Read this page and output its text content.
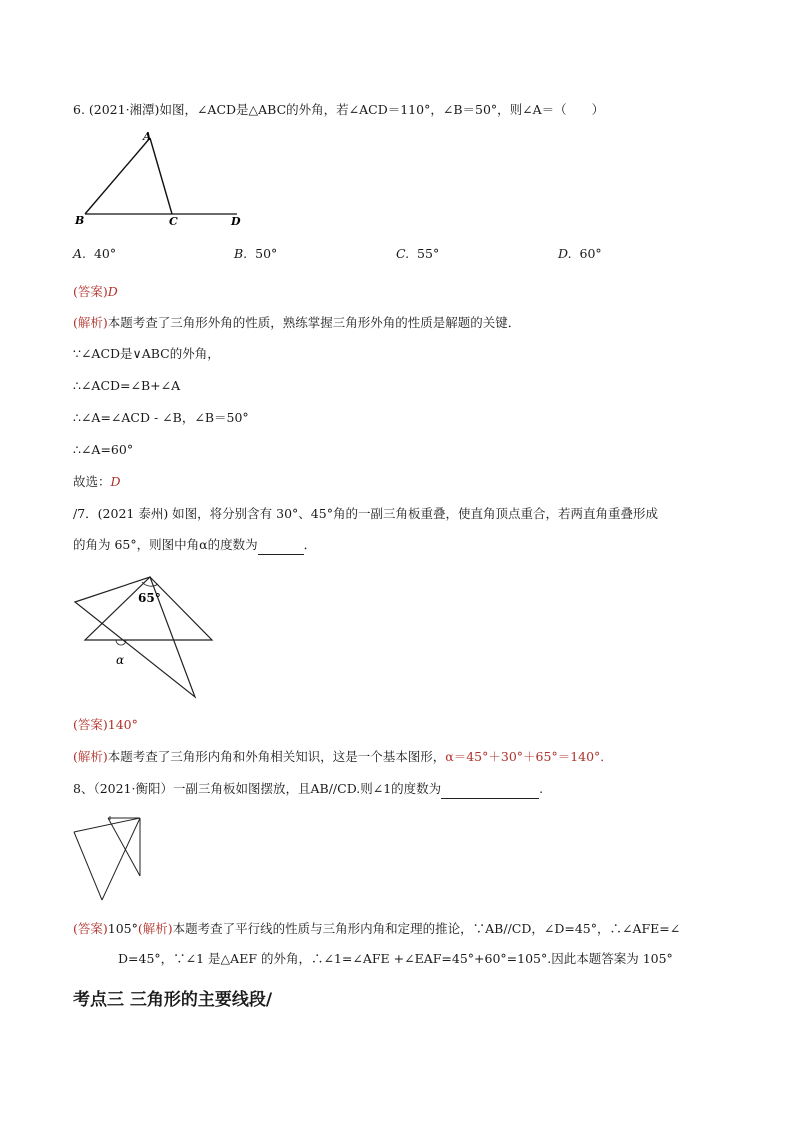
6. (2021·湘潭)如图，∠ACD是△ABC的外角，若∠ACD＝110°，∠B＝50°，则∠A＝（　　）
A
B	C	D
A. 40°	B. 50°	C. 55°	D. 60°
(答案)D
(解析)本题考查了三角形外角的性质，熟练掌握三角形外角的性质是解题的关键．
∵∠ACD是∨ABC的外角，
∴∠ACD=∠B+∠A
∴∠A=∠ACD - ∠B，∠B＝50°
∴∠A=60°
故选：D
/7．(2021 泰州) 如图，将分别含有 30°、45°角的一副三角板重叠，使直角顶点重合，若两直角重叠形成
的角为 65°，则图中角α的度数为	．
65°
α
(答案)140°
(解析)本题考查了三角形内角和外角相关知识，这是一个基本图形，α＝45°＋30°＋65°＝140°．
8、（2021·衡阳）一副三角板如图摆放，且AB//CD.则∠1的度数为	.
(答案)105°(解析)本题考查了平行线的性质与三角形内角和定理的推论，∵AB//CD，∠D=45°，∴∠AFE=∠
D=45°，∵∠1 是△AEF 的外角，∴∠1=∠AFE +∠EAF=45°+60°=105°.因此本题答案为 105°
考点三 三角形的主要线段/
